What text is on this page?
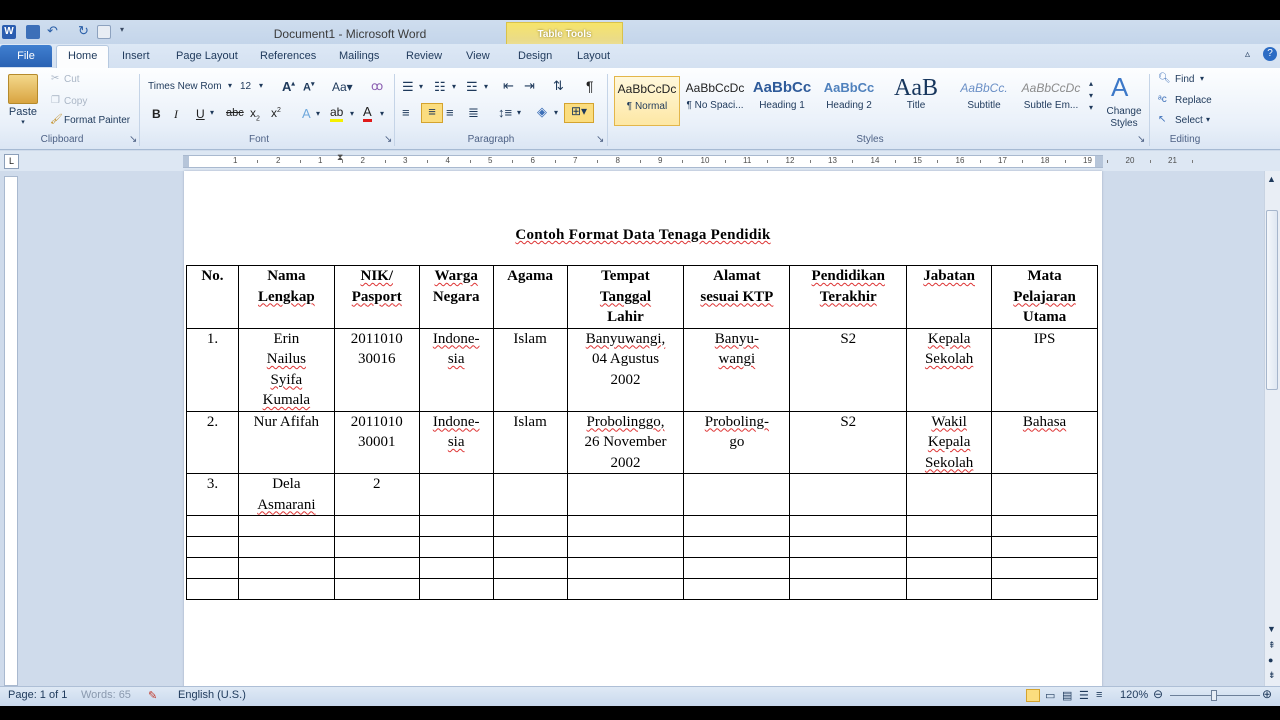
W	↶ ↻	▾	Document1 - Microsoft Word	Table Tools
File	Home Insert Page Layout References Mailings Review View	Design Layout	▵	?
Paste
▾
✂ Cut
❐ Copy
🖌 Format Painter
Clipboard	↘
Times New Rom ▾ 12 ▾ A▴ A▾ Aa▾ ꝏ
B I U ▾ abc $x_2$ $x^2$ A ▾ ab ▾ A ▾
Font	↘
☰ ▾ ☷ ▾ ☲ ▾ ⇤ ⇥ ⇅ ¶
≡	≡ ≡ ≣ ↕≡ ▾ ◈ ▾	⊞▾
Paragraph	↘
AaBbCcDc
¶ Normal
AaBbCcDc
¶ No Spaci...
AaBbCc
Heading 1
AaBbCc
Heading 2
AaB
Title
AaBbCc.
Subtitle
AaBbCcDc
Subtle Em...
▴
▾
▾
A
Change Styles
Styles	↘
🔍︎ Find ▾
ᵃc Replace
↖ Select ▾
Editing
L	1	2	1	2	3	4	5	6	7	8	9	10	11	12	13	14	15	16	17	18	19	20	21
⧗
Contoh Format Data Tenaga Pendidik
No.	Nama
Lengkap	NIK/
Pasport	Warga
Negara	Agama	Tempat
Tanggal
Lahir	Alamat
sesuai KTP	Pendidikan
Terakhir	Jabatan	Mata
Pelajaran
Utama
1.	Erin
Nailus
Syifa
Kumala	2011010
30016	Indone-
sia	Islam	Banyuwangi,
04 Agustus
2002	Banyu-
wangi	S2	Kepala
Sekolah	IPS
2.	Nur Afifah	2011010
30001	Indone-
sia	Islam	Probolinggo,
26 November
2002	Proboling-
go	S2	Wakil
Kepala
Sekolah	Bahasa
3.	Dela
Asmarani	2							

▲
▼
⇞
●
⇟
Page: 1 of 1 Words: 65 ✎ English (U.S.)	▭ ▤ ☰ ≡ 120% ⊖	⊕
